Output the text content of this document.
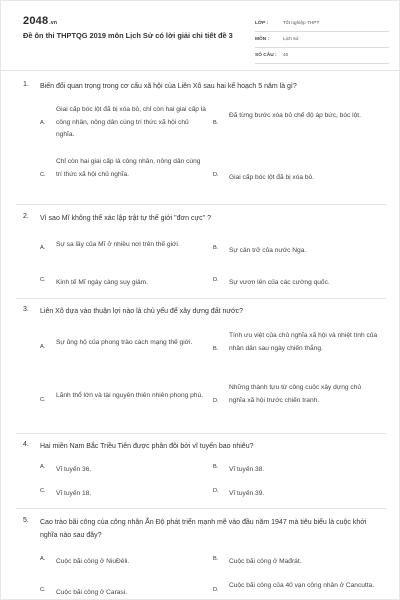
2048.vn
Đề ôn thi THPTQG 2019 môn Lịch Sử có lời giải chi tiết đề 3
LỚP :	Tốt nghiệp THPT
MÔN :	Lịch sử
SỐ CÂU :	40
1. Biến đổi quan trọng trong cơ cấu xã hội của Liên Xô sau hai kế hoạch 5 năm là gì?
A.
Giai cấp bóc lột đã bị xóa bỏ, chỉ còn hai giai cấp là công nhân, nông dân cùng trí thức xã hội chủ nghĩa.
B.
Đã từng bước xóa bỏ chế độ áp bức, bóc lột.
C.
Chỉ còn hai giai cấp là công nhân, nông dân cùng trí thức xã hội chủ nghĩa.	D. Giai cấp bóc lột đã bị xóa bỏ.
2. Vì sao Mĩ không thể xác lập trật tự thế giới "đơn cực" ?
A. Sự sa lầy của Mĩ ở nhiều nơi trên thế giới.	B. Sự cản trở của nước Nga.
C. Kinh tế Mĩ ngày càng suy giảm.	D. Sự vươn lên của các cường quốc.
3. Liên Xô dựa vào thuận lợi nào là chủ yếu để xây dựng đất nước?
A.
Sự ủng hộ của phong trào cách mạng thế giới.
B.
Tính ưu việt của chủ nghĩa xã hội và nhiệt tình của nhân dân sau ngày chiến thắng.
C.
Lãnh thổ lớn và tài nguyên thiên nhiên phong phú.
D.
Những thành tựu từ công cuộc xây dựng chủ nghĩa xã hội trước chiến tranh.
4. Hai miền Nam Bắc Triều Tiên được phân đôi bởi vĩ tuyến bao nhiêu?
A. Vĩ tuyến 36.	B. Vĩ tuyến 38.
C. Vĩ tuyến 18.	D. Vĩ tuyến 39.
5. Cao trào bãi công của công nhân Ấn Độ phát triển mạnh mẽ vào đầu năm 1947 mà tiêu biểu là cuộc khởi nghĩa nào sau đây?
A. Cuộc bãi công ở NiuĐêli.	B. Cuộc bãi công ở Mađrát.
C. Cuộc bãi công ở Carasi.	D.
Cuộc bãi công của 40 vạn công nhân ở Cancutta.
